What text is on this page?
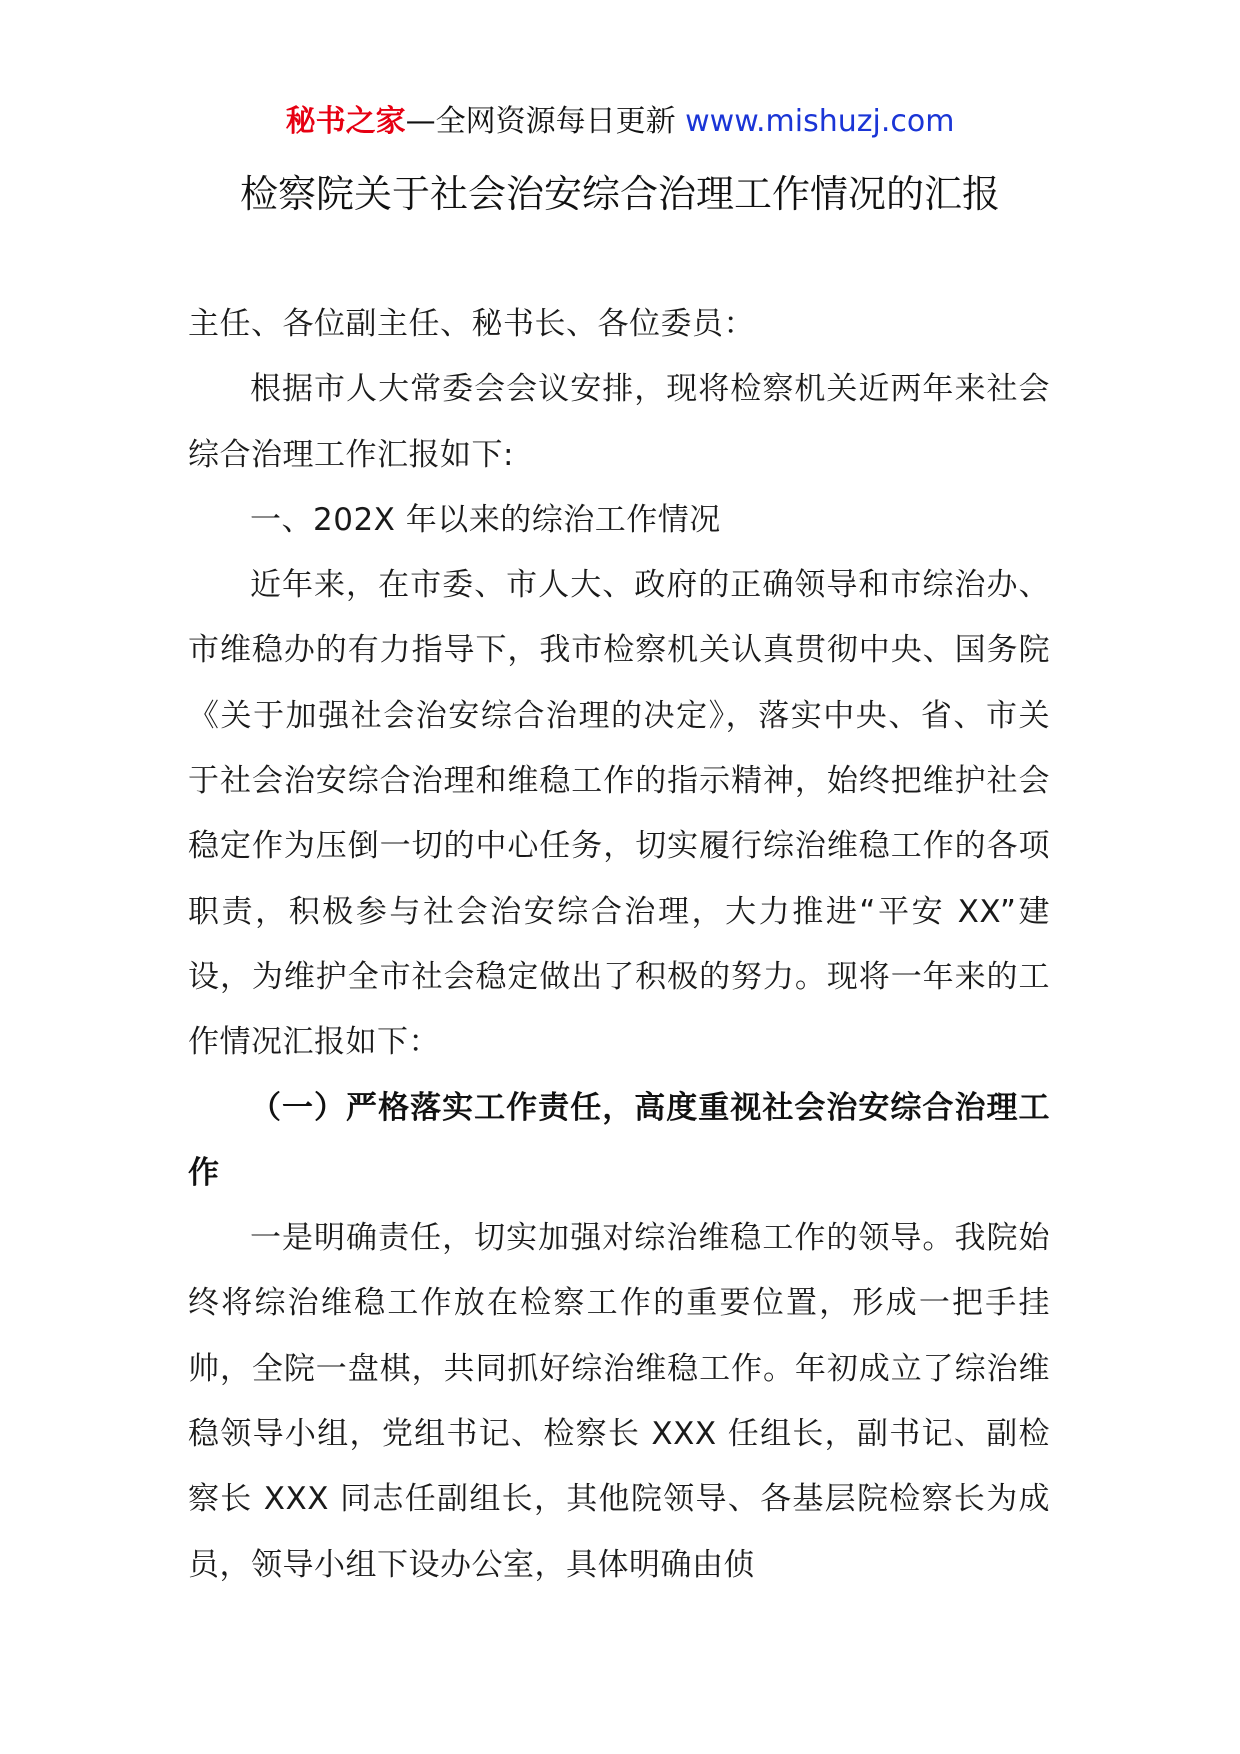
秘书之家—全网资源每日更新 www.mishuzj.com
检察院关于社会治安综合治理工作情况的汇报

主任、各位副主任、秘书长、各位委员：

根据市人大常委会会议安排，现将检察机关近两年来社会综合治理工作汇报如下:

一、202X 年以来的综治工作情况

近年来，在市委、市人大、政府的正确领导和市综治办、市维稳办的有力指导下，我市检察机关认真贯彻中央、国务院《关于加强社会治安综合治理的决定》，落实中央、省、市关于社会治安综合治理和维稳工作的指示精神，始终把维护社会稳定作为压倒一切的中心任务，切实履行综治维稳工作的各项职责，积极参与社会治安综合治理，大力推进“平安 XX”建设，为维护全市社会稳定做出了积极的努力。现将一年来的工作情况汇报如下：

（一）严格落实工作责任，高度重视社会治安综合治理工作

一是明确责任，切实加强对综治维稳工作的领导。我院始终将综治维稳工作放在检察工作的重要位置，形成一把手挂帅，全院一盘棋，共同抓好综治维稳工作。年初成立了综治维稳领导小组，党组书记、检察长 XXX 任组长，副书记、副检察长 XXX 同志任副组长，其他院领导、各基层院检察长为成员，领导小组下设办公室，具体明确由侦
